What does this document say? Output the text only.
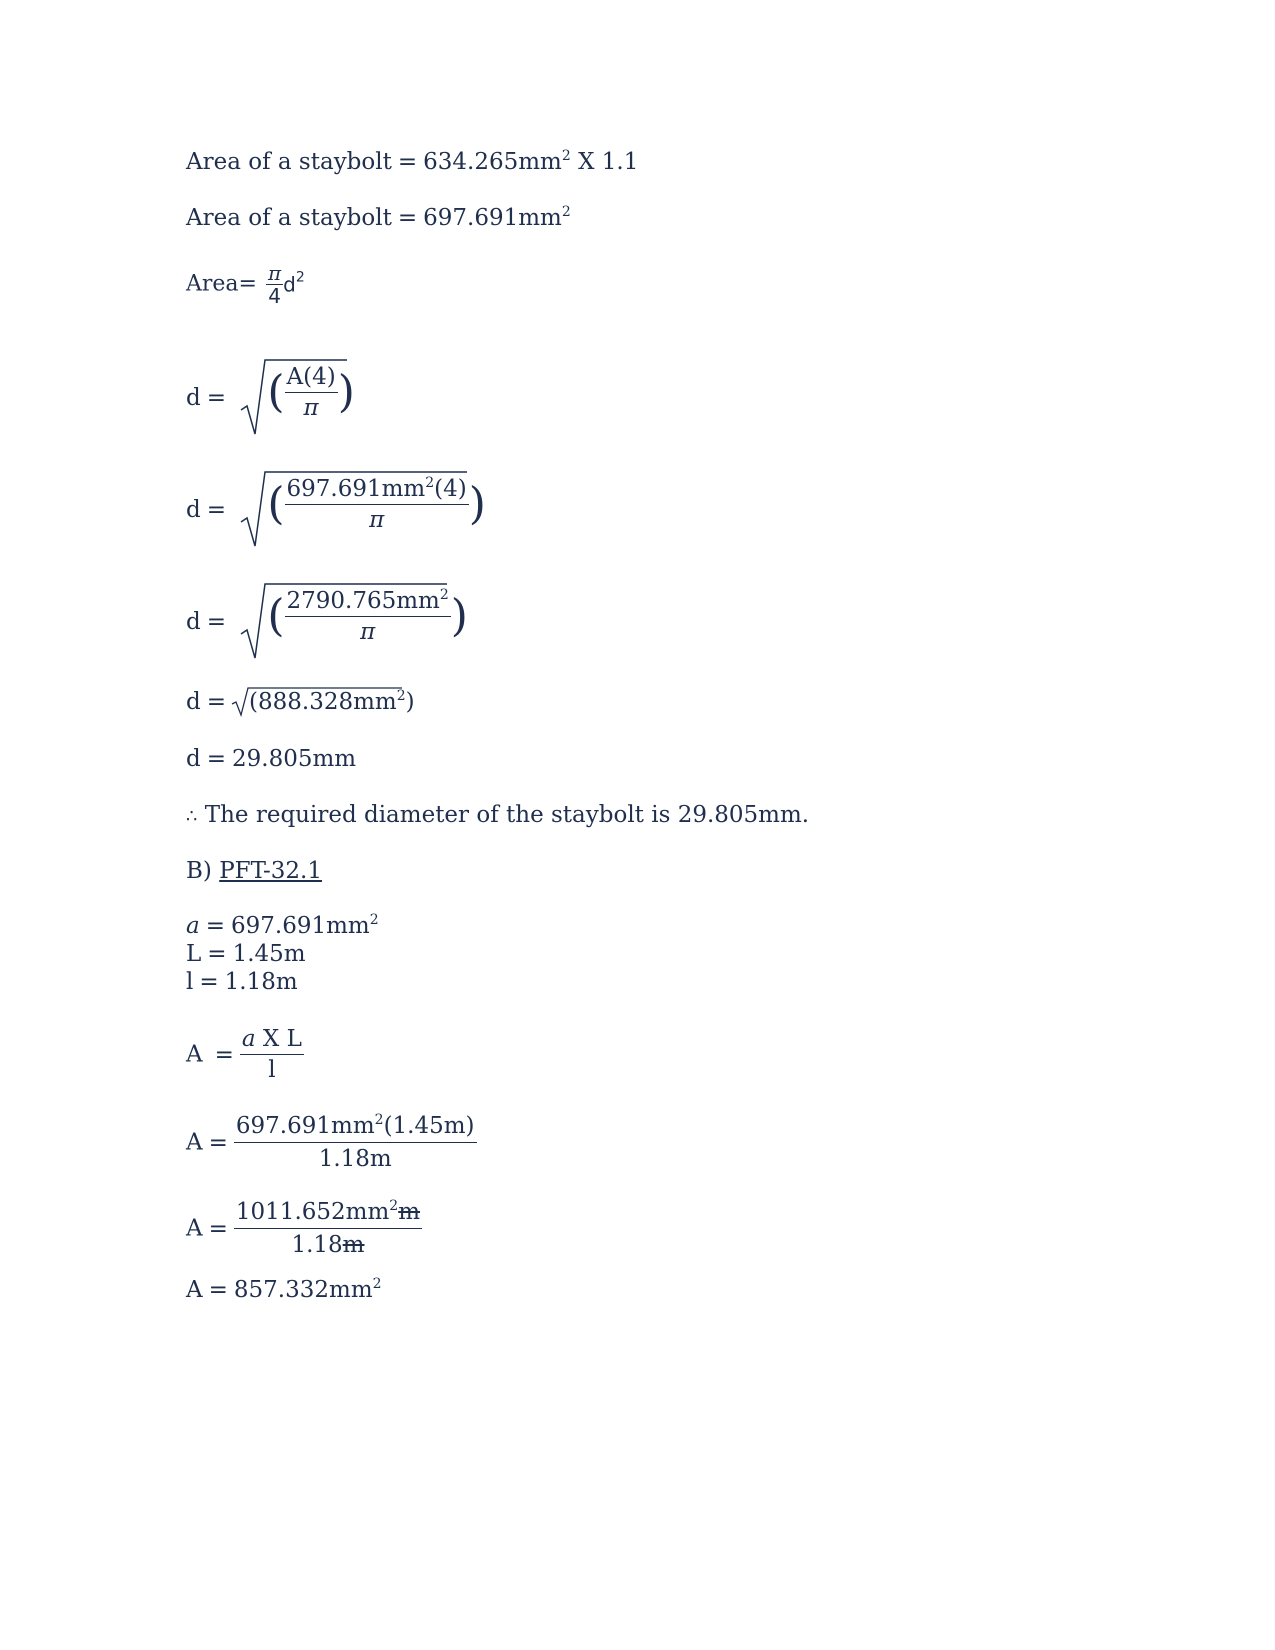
Area of a staybolt = $634.265mm^2$ X 1.1
Area of a staybolt = $697.691mm^2$
Area= $\frac{\pi}{4} d^2$
d = ( $\frac{A(4)}{\pi}$ )
d = ( $\frac{697.691mm^2(4)}{\pi}$ )
d = ( $\frac{2790.765mm^2}{\pi}$ )
$d = (888.328mm^2)$
d = 29.805mm
∴ The required diameter of the staybolt is 29.805mm.
B) PFT-32.1
$a = 697.691mm^2$
L = 1.45m
l = 1.18m
$A = \frac{\text{a X L}}{l}$
$A = \frac{697.691mm^2(1.45m)}{1.18m}$
$A = \frac{1011.652mm^2m}{1.18m}$
$A = 857.332mm^2$
